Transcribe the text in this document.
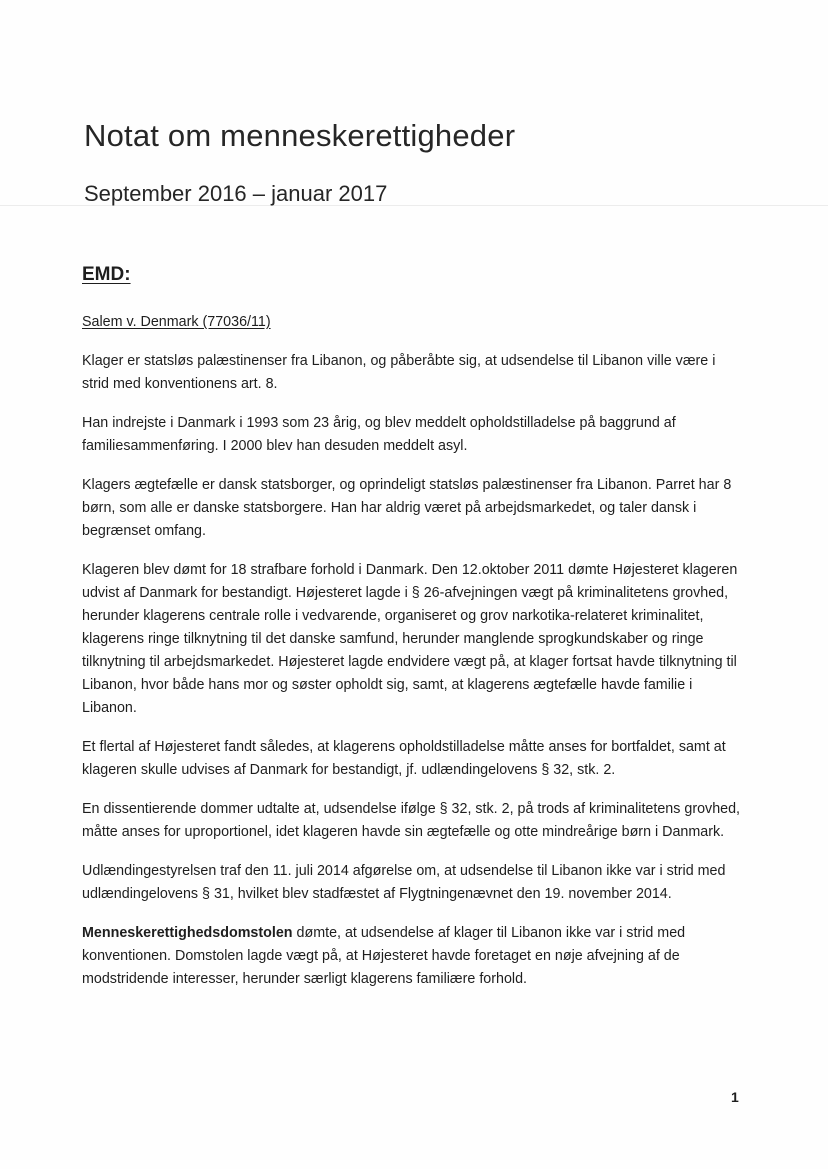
Notat om menneskerettigheder
September 2016 – januar 2017
EMD:

Salem v. Denmark (77036/11)

Klager er statsløs palæstinenser fra Libanon, og påberåbte sig, at udsendelse til Libanon ville være i strid med konventionens art. 8.

Han indrejste i Danmark i 1993 som 23 årig, og blev meddelt opholdstilladelse på baggrund af familiesammenføring. I 2000 blev han desuden meddelt asyl.

Klagers ægtefælle er dansk statsborger, og oprindeligt statsløs palæstinenser fra Libanon. Parret har 8 børn, som alle er danske statsborgere. Han har aldrig været på arbejdsmarkedet, og taler dansk i begrænset omfang.

Klageren blev dømt for 18 strafbare forhold i Danmark. Den 12.oktober 2011 dømte Højesteret klageren udvist af Danmark for bestandigt. Højesteret lagde i § 26-afvejningen vægt på kriminalitetens grovhed, herunder klagerens centrale rolle i vedvarende, organiseret og grov narkotika-relateret kriminalitet, klagerens ringe tilknytning til det danske samfund, herunder manglende sprogkundskaber og ringe tilknytning til arbejdsmarkedet. Højesteret lagde endvidere vægt på, at klager fortsat havde tilknytning til Libanon, hvor både hans mor og søster opholdt sig, samt, at klagerens ægtefælle havde familie i Libanon.

Et flertal af Højesteret fandt således, at klagerens opholdstilladelse måtte anses for bortfaldet, samt at klageren skulle udvises af Danmark for bestandigt, jf. udlændingelovens § 32, stk. 2.

En dissentierende dommer udtalte at, udsendelse ifølge § 32, stk. 2, på trods af kriminalitetens grovhed, måtte anses for uproportionel, idet klageren havde sin ægtefælle og otte mindreårige børn i Danmark.

Udlændingestyrelsen traf den 11. juli 2014 afgørelse om, at udsendelse til Libanon ikke var i strid med udlændingelovens § 31, hvilket blev stadfæstet af Flygtningenævnet den 19. november 2014.

Menneskerettighedsdomstolen dømte, at udsendelse af klager til Libanon ikke var i strid med konventionen. Domstolen lagde vægt på, at Højesteret havde foretaget en nøje afvejning af de modstridende interesser, herunder særligt klagerens familiære forhold.

1
